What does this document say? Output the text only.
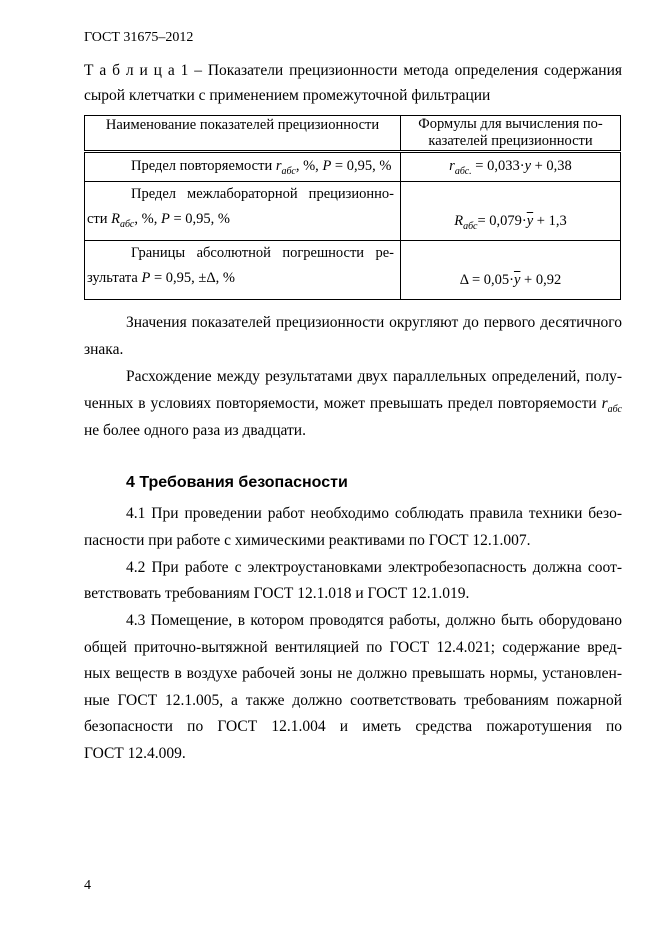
ГОСТ 31675–2012
Т а б л и ц а 1 – Показатели прецизионности метода определения содержания
сырой клетчатки с применением промежуточной фильтрации
Наименование показателей прецизионности	Формулы для вычисления по-
казателей прецизионности

Предел повторяемости $r_{абс}$, %, P = 0,95, %	$r_{абс.} = 0,033\cdot y + 0,38$

Предел межлабораторной прецизионно-
сти $R_{абс}$, %, P = 0,95, %	$R_{абс}= 0,079\cdot\overline{y} + 1,3$

Границы абсолютной погрешности ре-
зультата P = 0,95, ±Δ, %	$\Delta = 0,05\cdot\overline{y} + 0,92$
Значения показателей прецизионности округляют до первого десятичного
знака.
Расхождение между результатами двух параллельных определений, полу-
ченных в условиях повторяемости, может превышать предел повторяемости $r_{абс}$
не более одного раза из двадцати.
4 Требования безопасности
4.1 При проведении работ необходимо соблюдать правила техники безо-
пасности при работе с химическими реактивами по ГОСТ 12.1.007.
4.2 При работе с электроустановками электробезопасность должна соот-
ветствовать требованиям ГОСТ 12.1.018 и ГОСТ 12.1.019.
4.3 Помещение, в котором проводятся работы, должно быть оборудовано
общей приточно-вытяжной вентиляцией по ГОСТ 12.4.021; содержание вред-
ных веществ в воздухе рабочей зоны не должно превышать нормы, установлен-
ные ГОСТ 12.1.005, а также должно соответствовать требованиям пожарной
безопасности по ГОСТ 12.1.004 и иметь средства пожаротушения по
ГОСТ 12.4.009.
4
